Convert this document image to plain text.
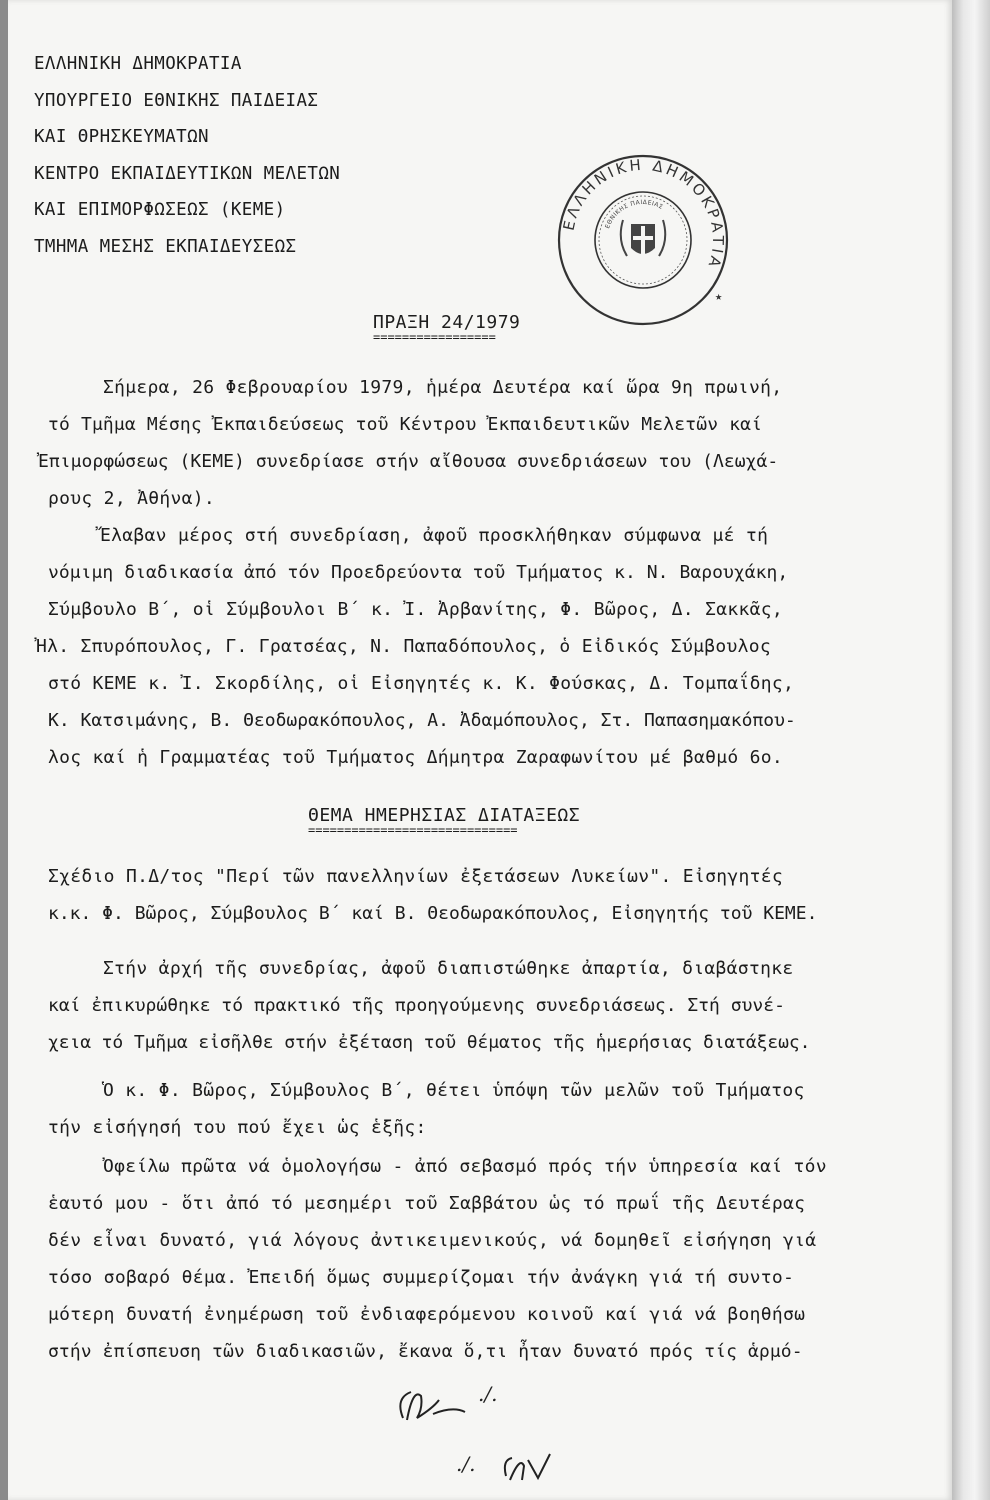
ΕΛΛΗΝΙΚΗ ΔΗΜΟΚΡΑΤΙΑ
ΥΠΟΥΡΓΕΙΟ ΕΘΝΙΚΗΣ ΠΑΙΔΕΙΑΣ
ΚΑΙ ΘΡΗΣΚΕΥΜΑΤΩΝ
ΚΕΝΤΡΟ ΕΚΠΑΙΔΕΥΤΙΚΩΝ ΜΕΛΕΤΩΝ
ΚΑΙ ΕΠΙΜΟΡΦΩΣΕΩΣ (ΚΕΜΕ)
ΤΜΗΜΑ ΜΕΣΗΣ ΕΚΠΑΙΔΕΥΣΕΩΣ
ΕΛΛΗΝΙΚΗ ΔΗΜΟΚΡΑΤΙΑ
ΕΘΝΙΚΗΣ ΠΑΙΔΕΙΑΣ
★
ΠΡΑΞΗ 24/1979
=================
Σήμερα, 26 Φεβρουαρίου 1979, ἡμέρα Δευτέρα καί ὥρα 9η πρωινή,
τό Τμῆμα Μέσης Ἐκπαιδεύσεως τοῦ Κέντρου Ἐκπαιδευτικῶν Μελετῶν καί
Ἐπιμορφώσεως (ΚΕΜΕ) συνεδρίασε στήν αἴθουσα συνεδριάσεων του (Λεωχά-
ρους 2, Ἀθήνα).
Ἔλαβαν μέρος στή συνεδρίαση, ἀφοῦ προσκλήθηκαν σύμφωνα μέ τή
νόμιμη διαδικασία ἀπό τόν Προεδρεύοντα τοῦ Τμήματος κ. Ν. Βαρουχάκη,
Σύμβουλο Β΄, οἱ Σύμβουλοι Β΄ κ. Ἰ. Ἀρβανίτης, Φ. Βῶρος, Δ. Σακκᾶς,
Ἠλ. Σπυρόπουλος, Γ. Γρατσέας, Ν. Παπαδόπουλος, ὁ Εἰδικός Σύμβουλος
στό ΚΕΜΕ κ. Ἰ. Σκορδίλης, οἱ Εἰσηγητές κ. Κ. Φούσκας, Δ. Τομπαΐδης,
Κ. Κατσιμάνης, Β. Θεοδωρακόπουλος, Α. Ἀδαμόπουλος, Στ. Παπασημακόπου-
λος καί ἡ Γραμματέας τοῦ Τμήματος Δήμητρα Ζαραφωνίτου μέ βαθμό 6ο.
ΘΕΜΑ ΗΜΕΡΗΣΙΑΣ ΔΙΑΤΑΞΕΩΣ
=============================
Σχέδιο Π.Δ/τος "Περί τῶν πανελληνίων ἐξετάσεων Λυκείων". Εἰσηγητές
κ.κ. Φ. Βῶρος, Σύμβουλος Β΄ καί Β. Θεοδωρακόπουλος, Εἰσηγητής τοῦ ΚΕΜΕ.
Στήν ἀρχή τῆς συνεδρίας, ἀφοῦ διαπιστώθηκε ἀπαρτία, διαβάστηκε
καί ἐπικυρώθηκε τό πρακτικό τῆς προηγούμενης συνεδριάσεως. Στή συνέ-
χεια τό Τμῆμα εἰσῆλθε στήν ἐξέταση τοῦ θέματος τῆς ἡμερήσιας διατάξεως.
Ὁ κ. Φ. Βῶρος, Σύμβουλος Β΄, θέτει ὑπόψη τῶν μελῶν τοῦ Τμήματος
τήν εἰσήγησή του πού ἔχει ὡς ἑξῆς:
Ὀφείλω πρῶτα νά ὁμολογήσω - ἀπό σεβασμό πρός τήν ὑπηρεσία καί τόν
ἑαυτό μου - ὅτι ἀπό τό μεσημέρι τοῦ Σαββάτου ὡς τό πρωΐ τῆς Δευτέρας
δέν εἶναι δυνατό, γιά λόγους ἀντικειμενικούς, νά δομηθεῖ εἰσήγηση γιά
τόσο σοβαρό θέμα. Ἐπειδή ὅμως συμμερίζομαι τήν ἀνάγκη γιά τή συντο-
μότερη δυνατή ἐνημέρωση τοῦ ἐνδιαφερόμενου κοινοῦ καί γιά νά βοηθήσω
στήν ἐπίσπευση τῶν διαδικασιῶν, ἔκανα ὅ,τι ἦταν δυνατό πρός τίς ἁρμό-
./.
./.
